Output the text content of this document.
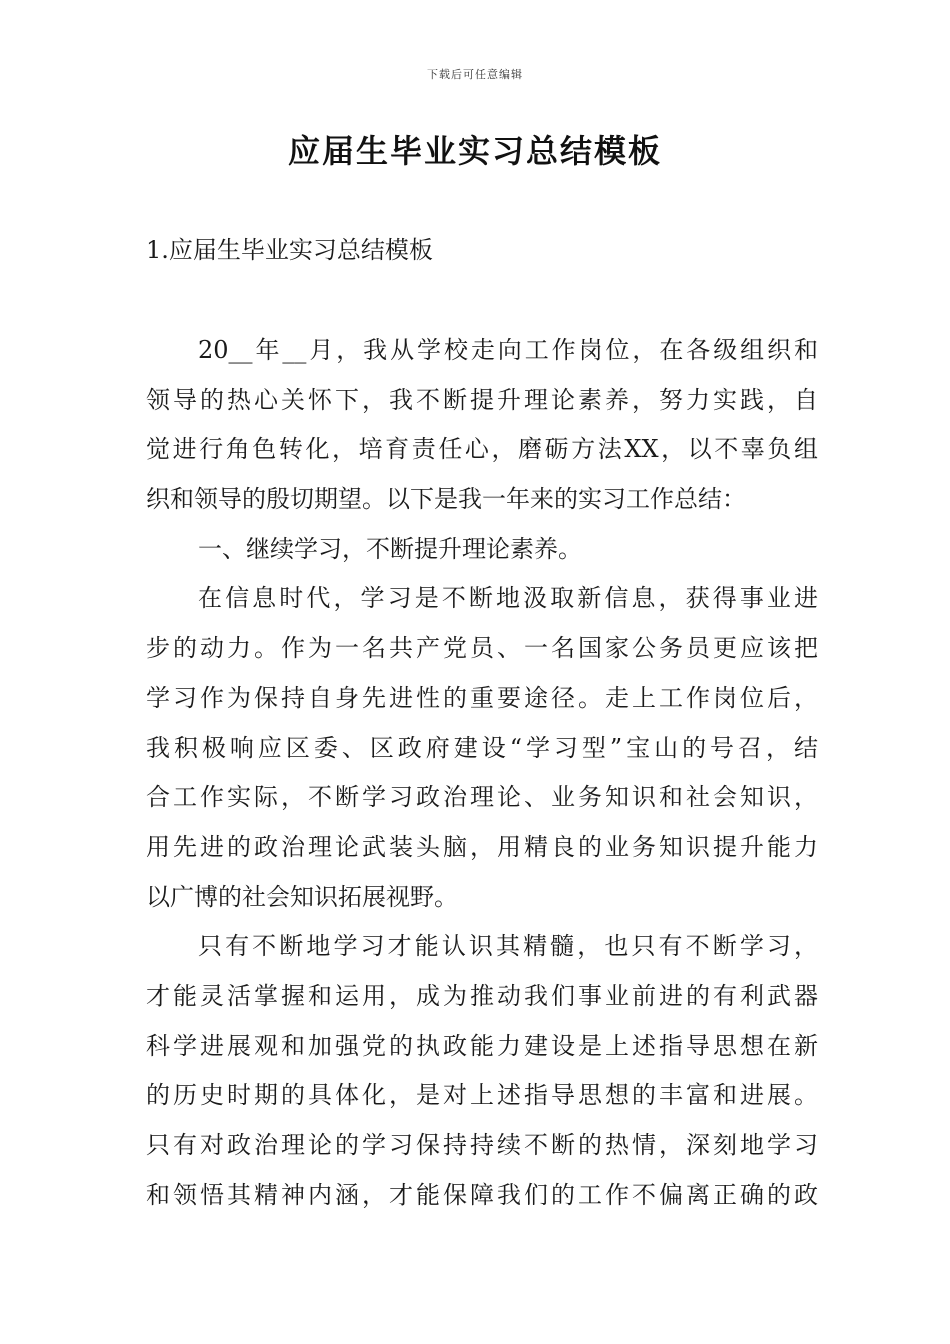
下载后可任意编辑
应届生毕业实习总结模板
1.应届生毕业实习总结模板
20__年__月，我从学校走向工作岗位，在各级组织和
领导的热心关怀下，我不断提升理论素养，努力实践，自
觉进行角色转化，培育责任心，磨砺方法XX，以不辜负组
织和领导的殷切期望。以下是我一年来的实习工作总结：
一、继续学习，不断提升理论素养。
在信息时代，学习是不断地汲取新信息，获得事业进
步的动力。作为一名共产党员、一名国家公务员更应该把
学习作为保持自身先进性的重要途径。走上工作岗位后，
我积极响应区委、区政府建设“学习型”宝山的号召，结
合工作实际，不断学习政治理论、业务知识和社会知识，
用先进的政治理论武装头脑，用精良的业务知识提升能力
以广博的社会知识拓展视野。
只有不断地学习才能认识其精髓，也只有不断学习，
才能灵活掌握和运用，成为推动我们事业前进的有利武器
科学进展观和加强党的执政能力建设是上述指导思想在新
的历史时期的具体化，是对上述指导思想的丰富和进展。
只有对政治理论的学习保持持续不断的热情，深刻地学习
和领悟其精神内涵，才能保障我们的工作不偏离正确的政
